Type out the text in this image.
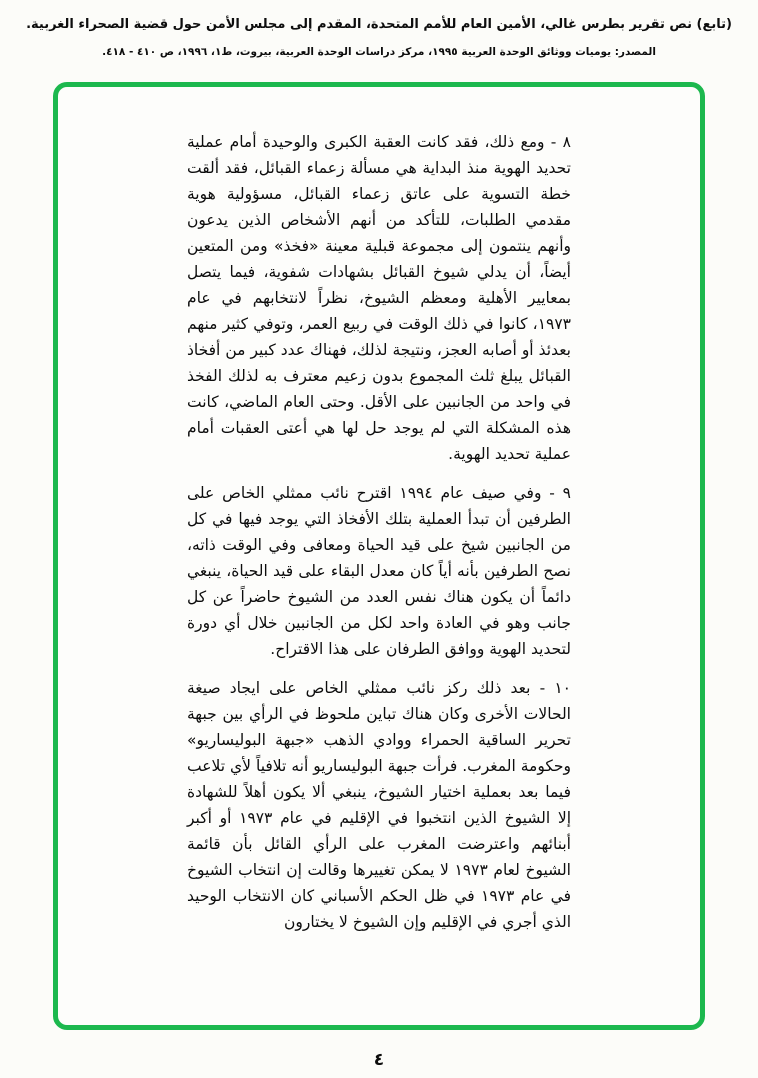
(تابع) نص تقرير بطرس غالي، الأمين العام للأمم المتحدة، المقدم إلى مجلس الأمن حول قضية الصحراء الغربية.
المصدر: يوميات ووثائق الوحدة العربية ١٩٩٥، مركز دراسات الوحدة العربية، بيروت، ط١، ١٩٩٦، ص ٤١٠ - ٤١٨.

٨ - ومع ذلك، فقد كانت العقبة الكبرى والوحيدة أمام عملية تحديد الهوية منذ البداية هي مسألة زعماء القبائل، فقد ألقت خطة التسوية على عاتق زعماء القبائل، مسؤولية هوية مقدمي الطلبات، للتأكد من أنهم الأشخاص الذين يدعون وأنهم ينتمون إلى مجموعة قبلية معينة «فخذ» ومن المتعين أيضاً، أن يدلي شيوخ القبائل بشهادات شفوية، فيما يتصل بمعايير الأهلية ومعظم الشيوخ، نظراً لانتخابهم في عام ١٩٧٣، كانوا في ذلك الوقت في ربيع العمر، وتوفي كثير منهم بعدئذ أو أصابه العجز، ونتيجة لذلك، فهناك عدد كبير من أفخاذ القبائل يبلغ ثلث المجموع بدون زعيم معترف به لذلك الفخذ في واحد من الجانبين على الأقل. وحتى العام الماضي، كانت هذه المشكلة التي لم يوجد حل لها هي أعتى العقبات أمام عملية تحديد الهوية.

٩ - وفي صيف عام ١٩٩٤ اقترح نائب ممثلي الخاص على الطرفين أن تبدأ العملية بتلك الأفخاذ التي يوجد فيها في كل من الجانبين شيخ على قيد الحياة ومعافى وفي الوقت ذاته، نصح الطرفين بأنه أياً كان معدل البقاء على قيد الحياة، ينبغي دائماً أن يكون هناك نفس العدد من الشيوخ حاضراً عن كل جانب وهو في العادة واحد لكل من الجانبين خلال أي دورة لتحديد الهوية ووافق الطرفان على هذا الاقتراح.

١٠ - بعد ذلك ركز نائب ممثلي الخاص على ايجاد صيغة الحالات الأخرى وكان هناك تباين ملحوظ في الرأي بين جبهة تحرير الساقية الحمراء ووادي الذهب «جبهة البوليساريو» وحكومة المغرب. فرأت جبهة البوليساريو أنه تلافياً لأي تلاعب فيما بعد بعملية اختيار الشيوخ، ينبغي ألا يكون أهلاً للشهادة إلا الشيوخ الذين انتخبوا في الإقليم في عام ١٩٧٣ أو أكبر أبنائهم واعترضت المغرب على الرأي القائل بأن قائمة الشيوخ لعام ١٩٧٣ لا يمكن تغييرها وقالت إن انتخاب الشيوخ في عام ١٩٧٣ في ظل الحكم الأسباني كان الانتخاب الوحيد الذي أجري في الإقليم وإن الشيوخ لا يختارون

٤
